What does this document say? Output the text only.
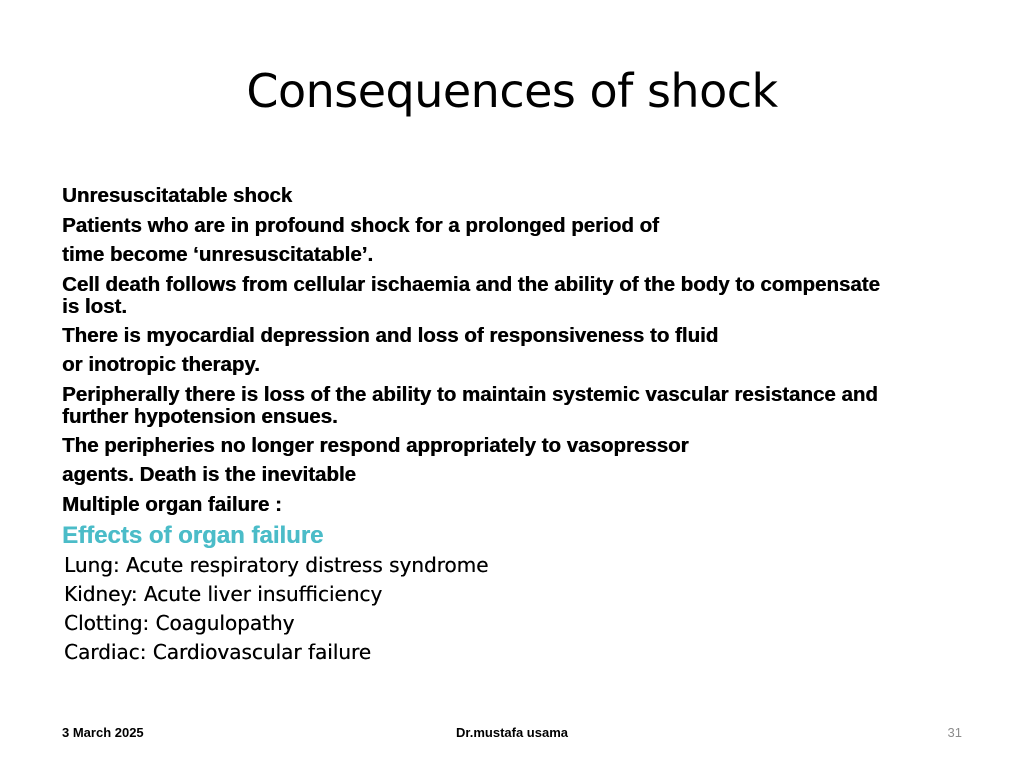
Consequences of shock
Unresuscitatable shock
Patients who are in profound shock for a prolonged period of
time become ‘unresuscitatable’.
Cell death follows from cellular ischaemia and the ability of the body to compensate is lost.
There is myocardial depression and loss of responsiveness to fluid
or inotropic therapy.
Peripherally there is loss of the ability to maintain systemic vascular resistance and further hypotension ensues.
The peripheries no longer respond appropriately to vasopressor
agents. Death is the inevitable
Multiple organ failure :
Effects of organ failure
Lung: Acute respiratory distress syndrome
Kidney: Acute liver insufficiency
Clotting: Coagulopathy
Cardiac: Cardiovascular failure
3 March 2025	Dr.mustafa usama	31
